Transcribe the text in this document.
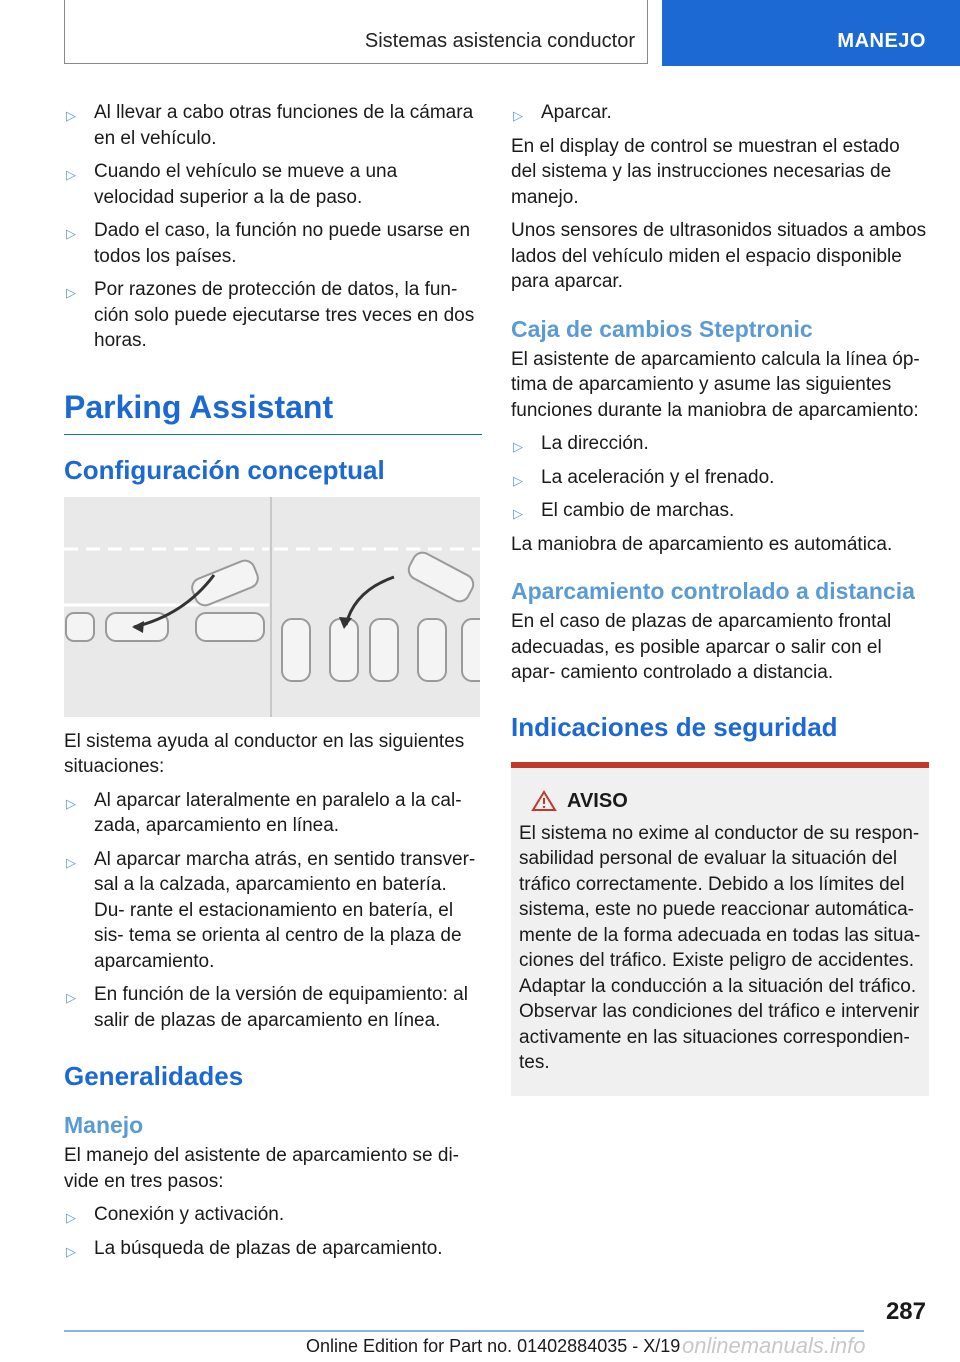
Sistemas asistencia conductor	MANEJO
▷ Al llevar a cabo otras funciones de la cámara en el vehículo.
▷ Cuando el vehículo se mueve a una velocidad superior a la de paso.
▷ Dado el caso, la función no puede usarse en todos los países.
▷ Por razones de protección de datos, la fun- ción solo puede ejecutarse tres veces en dos horas.
Parking Assistant
Configuración conceptual

El sistema ayuda al conductor en las siguientes situaciones:

▷ Al aparcar lateralmente en paralelo a la cal- zada, aparcamiento en línea.
▷ Al aparcar marcha atrás, en sentido transver- sal a la calzada, aparcamiento en batería. Du- rante el estacionamiento en batería, el sis- tema se orienta al centro de la plaza de aparcamiento.
▷ En función de la versión de equipamiento: al salir de plazas de aparcamiento en línea.
Generalidades
Manejo

El manejo del asistente de aparcamiento se di- vide en tres pasos:

▷ Conexión y activación.
▷ La búsqueda de plazas de aparcamiento.
▷ Aparcar.

En el display de control se muestran el estado del sistema y las instrucciones necesarias de manejo.

Unos sensores de ultrasonidos situados a ambos lados del vehículo miden el espacio disponible para aparcar.

Caja de cambios Steptronic

El asistente de aparcamiento calcula la línea óp- tima de aparcamiento y asume las siguientes funciones durante la maniobra de aparcamiento:

▷ La dirección.
▷ La aceleración y el frenado.
▷ El cambio de marchas.

La maniobra de aparcamiento es automática.

Aparcamiento controlado a distancia

En el caso de plazas de aparcamiento frontal adecuadas, es posible aparcar o salir con el apar- camiento controlado a distancia.

Indicaciones de seguridad
AVISO

El sistema no exime al conductor de su respon- sabilidad personal de evaluar la situación del tráfico correctamente. Debido a los límites del sistema, este no puede reaccionar automática- mente de la forma adecuada en todas las situa- ciones del tráfico. Existe peligro de accidentes. Adaptar la conducción a la situación del tráfico. Observar las condiciones del tráfico e intervenir activamente en las situaciones correspondien- tes.

287
Online Edition for Part no. 01402884035 - X/19 onlinemanuals.info
